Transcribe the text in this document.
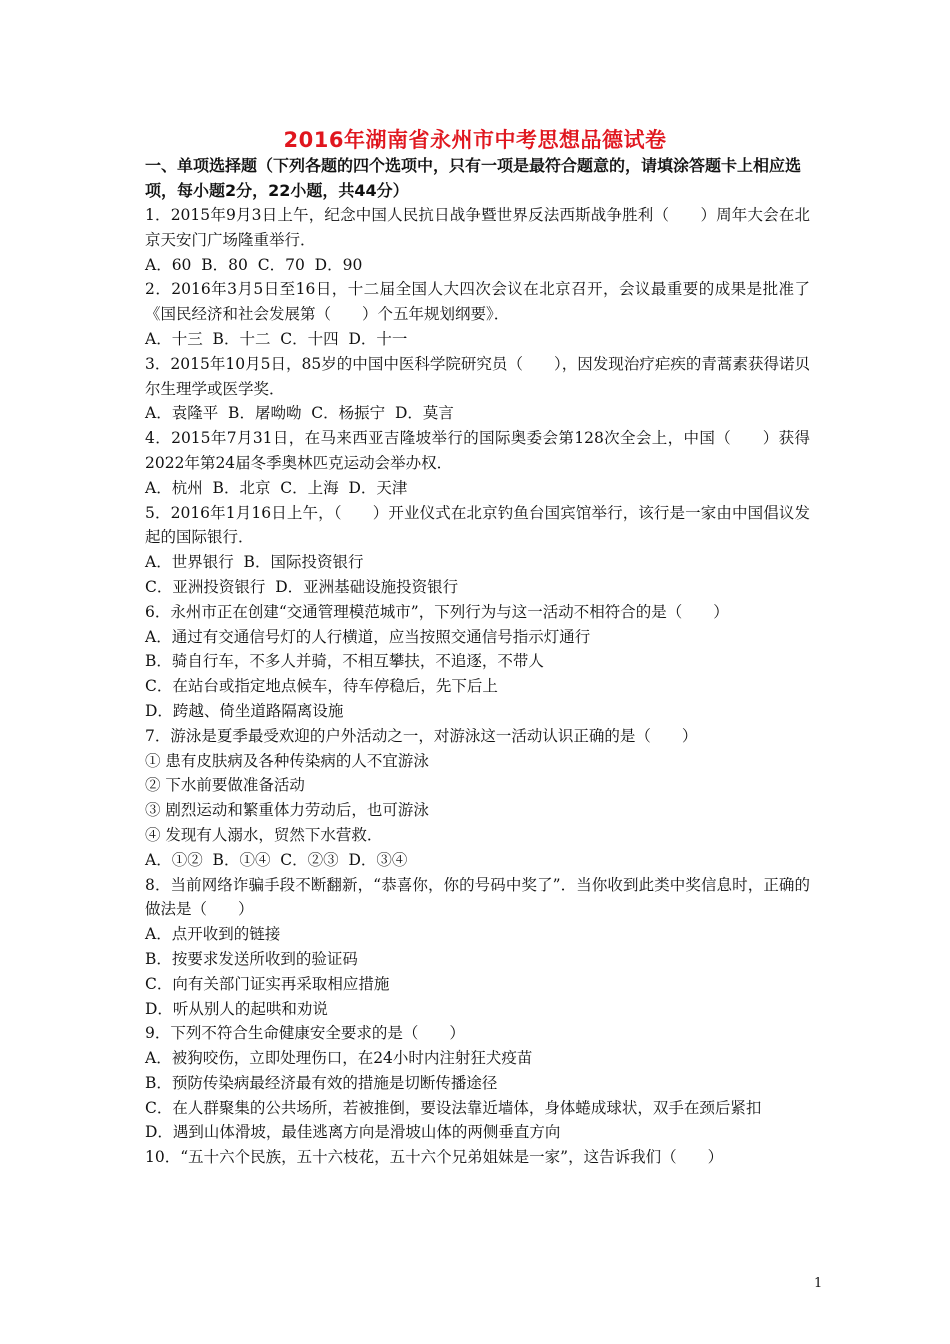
2016年湖南省永州市中考思想品德试卷
一、单项选择题（下列各题的四个选项中，只有一项是最符合题意的，请填涂答题卡上相应选项，每小题2分，22小题，共44分）
1．2015年9月3日上午，纪念中国人民抗日战争暨世界反法西斯战争胜利（　　）周年大会在北京天安门广场隆重举行．
A．60  B．80  C．70  D．90
2．2016年3月5日至16日，十二届全国人大四次会议在北京召开，会议最重要的成果是批准了《国民经济和社会发展第（　　）个五年规划纲要》．
A．十三  B．十二  C．十四  D．十一
3．2015年10月5日，85岁的中国中医科学院研究员（　　），因发现治疗疟疾的青蒿素获得诺贝尔生理学或医学奖．
A．袁隆平  B．屠呦呦  C．杨振宁  D．莫言
4．2015年7月31日，在马来西亚吉隆坡举行的国际奥委会第128次全会上，中国（　　）获得2022年第24届冬季奥林匹克运动会举办权．
A．杭州  B．北京  C．上海  D．天津
5．2016年1月16日上午，（　　）开业仪式在北京钓鱼台国宾馆举行，该行是一家由中国倡议发起的国际银行．
A．世界银行  B．国际投资银行
C．亚洲投资银行  D．亚洲基础设施投资银行
6．永州市正在创建“交通管理模范城市”，下列行为与这一活动不相符合的是（　　）
A．通过有交通信号灯的人行横道，应当按照交通信号指示灯通行
B．骑自行车，不多人并骑，不相互攀扶，不追逐，不带人
C．在站台或指定地点候车，待车停稳后，先下后上
D．跨越、倚坐道路隔离设施
7．游泳是夏季最受欢迎的户外活动之一，对游泳这一活动认识正确的是（　　）
① 患有皮肤病及各种传染病的人不宜游泳
② 下水前要做准备活动
③ 剧烈运动和繁重体力劳动后，也可游泳
④ 发现有人溺水，贸然下水营救．
A．①②  B．①④  C．②③  D．③④
8．当前网络诈骗手段不断翻新，“恭喜你，你的号码中奖了”．当你收到此类中奖信息时，正确的做法是（　　）
A．点开收到的链接
B．按要求发送所收到的验证码
C．向有关部门证实再采取相应措施
D．听从别人的起哄和劝说
9．下列不符合生命健康安全要求的是（　　）
A．被狗咬伤，立即处理伤口，在24小时内注射狂犬疫苗
B．预防传染病最经济最有效的措施是切断传播途径
C．在人群聚集的公共场所，若被推倒，要设法靠近墙体，身体蜷成球状，双手在颈后紧扣
D．遇到山体滑坡，最佳逃离方向是滑坡山体的两侧垂直方向
10．“五十六个民族，五十六枝花，五十六个兄弟姐妹是一家”，这告诉我们（　　）
1
